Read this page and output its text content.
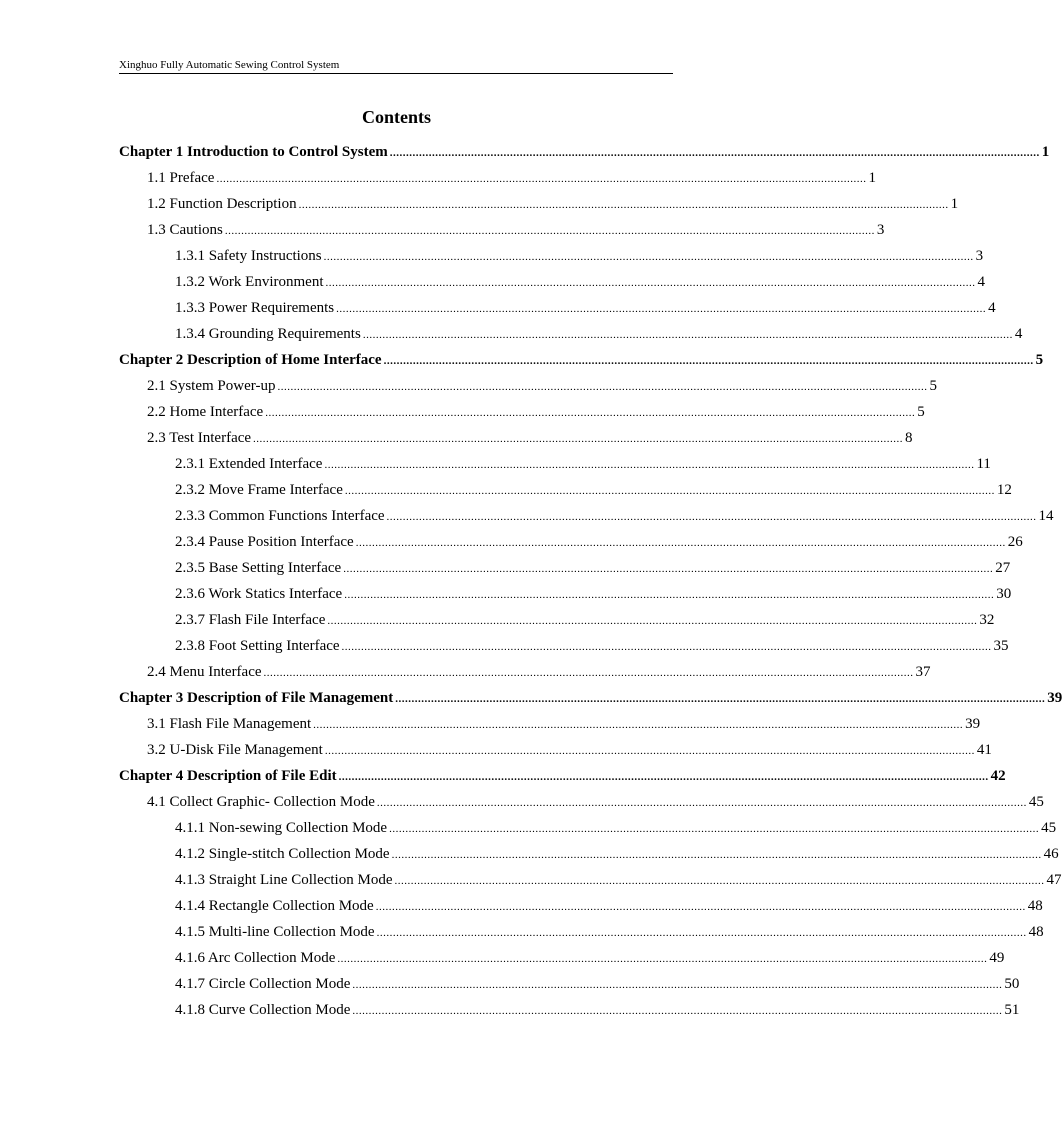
Xinghuo Fully Automatic Sewing Control System
Contents
Chapter 1 Introduction to Control System ........................................................................................................................................................................................................ 1
1.1 Preface ........................................................................................................................................................................................................ 1
1.2 Function Description ........................................................................................................................................................................................................ 1
1.3 Cautions ........................................................................................................................................................................................................ 3
1.3.1 Safety Instructions ........................................................................................................................................................................................................ 3
1.3.2 Work Environment ........................................................................................................................................................................................................ 4
1.3.3 Power Requirements ........................................................................................................................................................................................................ 4
1.3.4 Grounding Requirements ........................................................................................................................................................................................................ 4
Chapter 2 Description of Home Interface ........................................................................................................................................................................................................ 5
2.1 System Power-up ........................................................................................................................................................................................................ 5
2.2 Home Interface ........................................................................................................................................................................................................ 5
2.3 Test Interface ........................................................................................................................................................................................................ 8
2.3.1 Extended Interface ........................................................................................................................................................................................................ 11
2.3.2 Move Frame Interface ........................................................................................................................................................................................................ 12
2.3.3 Common Functions Interface ........................................................................................................................................................................................................ 14
2.3.4 Pause Position Interface ........................................................................................................................................................................................................ 26
2.3.5 Base Setting Interface ........................................................................................................................................................................................................ 27
2.3.6 Work Statics Interface ........................................................................................................................................................................................................ 30
2.3.7 Flash File Interface ........................................................................................................................................................................................................ 32
2.3.8 Foot Setting Interface ........................................................................................................................................................................................................ 35
2.4 Menu Interface ........................................................................................................................................................................................................ 37
Chapter 3 Description of File Management ........................................................................................................................................................................................................ 39
3.1 Flash File Management ........................................................................................................................................................................................................ 39
3.2 U-Disk File Management ........................................................................................................................................................................................................ 41
Chapter 4 Description of File Edit ........................................................................................................................................................................................................ 42
4.1 Collect Graphic- Collection Mode ........................................................................................................................................................................................................ 45
4.1.1 Non-sewing Collection Mode ........................................................................................................................................................................................................ 45
4.1.2 Single-stitch Collection Mode ........................................................................................................................................................................................................ 46
4.1.3 Straight Line Collection Mode ........................................................................................................................................................................................................ 47
4.1.4 Rectangle Collection Mode ........................................................................................................................................................................................................ 48
4.1.5 Multi-line Collection Mode ........................................................................................................................................................................................................ 48
4.1.6 Arc Collection Mode ........................................................................................................................................................................................................ 49
4.1.7 Circle Collection Mode ........................................................................................................................................................................................................ 50
4.1.8 Curve Collection Mode ........................................................................................................................................................................................................ 51
